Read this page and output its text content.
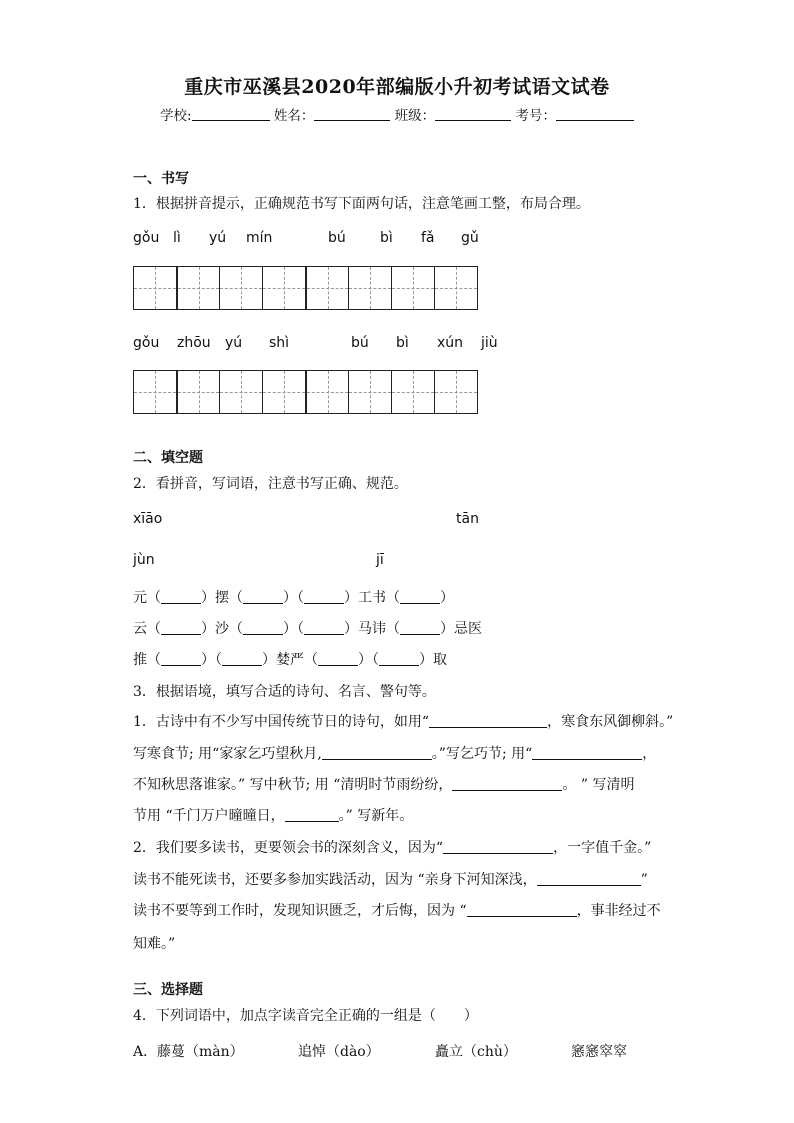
重庆市巫溪县2020年部编版小升初考试语文试卷
学校:	姓名：	班级：	考号：
一、书写
1．根据拼音提示，正确规范书写下面两句话，注意笔画工整，布局合理。
gǒu lì yú mín	bú bì fǎ gǔ
gǒu zhōu yú shì	bú bì xún jiù
二、填空题
2．看拼音，写词语，注意书写正确、规范。
xīāo	tān
jùn	jī
元（	）摆（	）（	）工书（	）
云（	）沙（	）（	）马讳（	）忌医
推（	）（	）婪严（	）（	）取
3．根据语境，填写合适的诗句、名言、警句等。
1．古诗中有不少写中国传统节日的诗句，如用“	，寒食东风御柳斜。”
写寒食节; 用“家家乞巧望秋月,	。”写乞巧节; 用“	，
不知秋思落谁家。” 写中秋节; 用 “清明时节雨纷纷，	。 ” 写清明
节用 “千门万户曈曈日，	。” 写新年。
2．我们要多读书，更要领会书的深刻含义，因为“	，一字值千金。”
读书不能死读书，还要多参加实践活动，因为 “亲身下河知深浅，	”
读书不要等到工作时，发现知识匮乏，才后悔，因为 “	，事非经过不
知难。”
三、选择题
4．下列词语中，加点字读音完全正确的一组是（　　）
A． 藤蔓（màn）	追悼（dào）	矗立（chù）	窸窸窣窣
